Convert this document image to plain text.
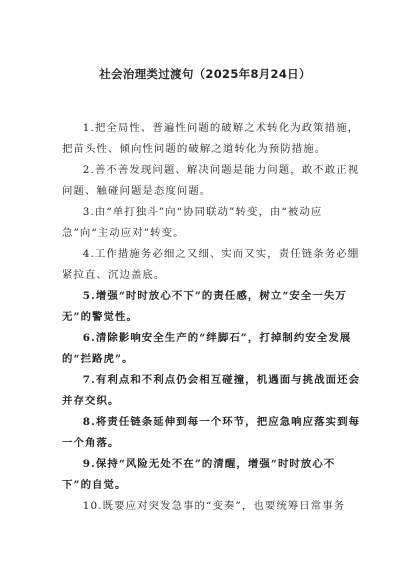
社会治理类过渡句（2025年8月24日）

1.把全局性、普遍性问题的破解之术转化为政策措施，把苗头性、倾向性问题的破解之道转化为预防措施。

2.善不善发现问题、解决问题是能力问题，敢不敢正视问题、触碰问题是态度问题。

3.由“单打独斗”向“协同联动”转变，由“被动应急”向“主动应对”转变。

4.工作措施务必细之又细、实而又实，责任链条务必绷紧拉直、沉边盖底。

5.增强“时时放心不下”的责任感，树立“安全一失万无”的警觉性。

6.清除影响安全生产的“绊脚石”，打掉制约安全发展的“拦路虎”。

7.有利点和不利点仍会相互碰撞，机遇面与挑战面还会并存交织。

8.将责任链条延伸到每一个环节，把应急响应落实到每一个角落。

9.保持“风险无处不在”的清醒，增强“时时放心不下”的自觉。

10.既要应对突发急事的“变奏”，也要统筹日常事务
